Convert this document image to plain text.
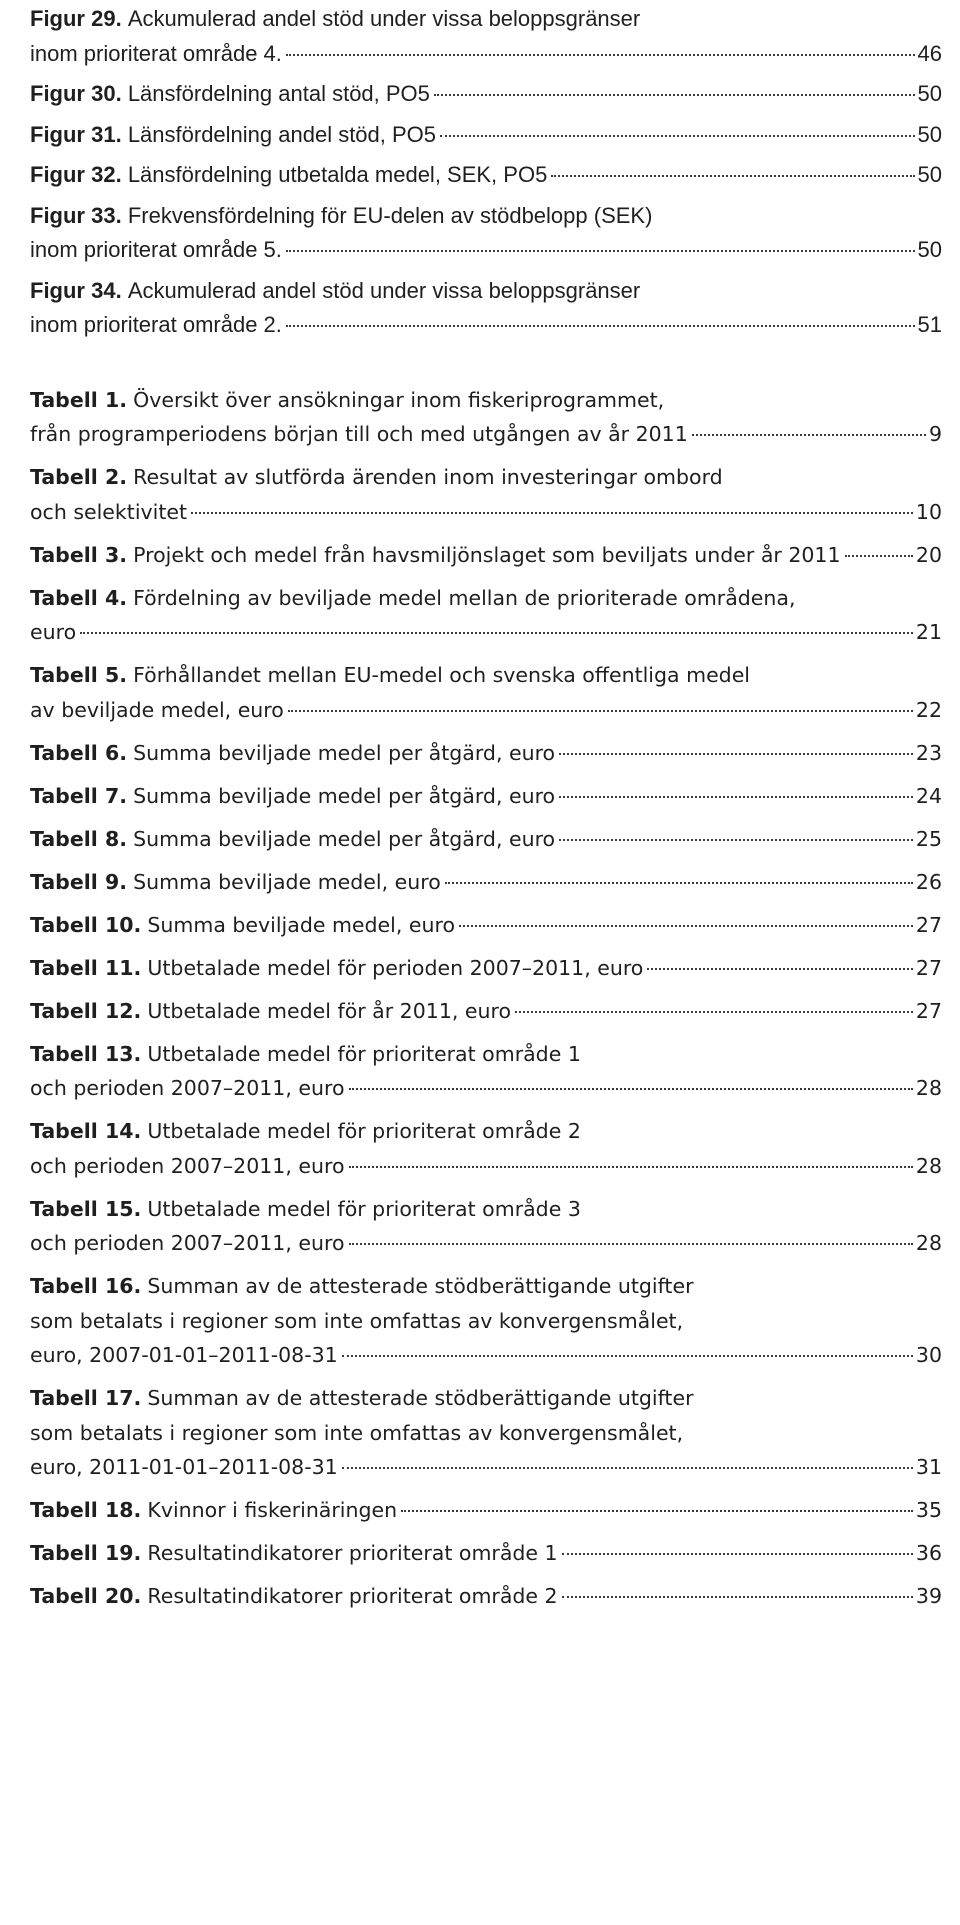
Figur 29. Ackumulerad andel stöd under vissa beloppsgränser
inom prioriterat område 4.	46
Figur 30.
Länsfördelning antal stöd, PO5	50
Figur 31.
Länsfördelning andel stöd, PO5	50
Figur 32.
Länsfördelning utbetalda medel, SEK, PO5	50
Figur 33. Frekvensfördelning för EU-delen av stödbelopp (SEK)
inom prioriterat område 5.	50
Figur 34. Ackumulerad andel stöd under vissa beloppsgränser
inom prioriterat område 2.	51
Tabell 1. Översikt över ansökningar inom fiskeriprogrammet,
från programperiodens början till och med utgången av år 2011	9
Tabell 2. Resultat av slutförda ärenden inom investeringar ombord
och selektivitet	10
Tabell 3.
Projekt och medel från havsmiljönslaget som beviljats under år 2011	20
Tabell 4. Fördelning av beviljade medel mellan de prioriterade områdena,
euro	21
Tabell 5. Förhållandet mellan EU-medel och svenska offentliga medel
av beviljade medel, euro	22
Tabell 6.
Summa beviljade medel per åtgärd, euro	23
Tabell 7.
Summa beviljade medel per åtgärd, euro	24
Tabell 8.
Summa beviljade medel per åtgärd, euro	25
Tabell 9.
Summa beviljade medel, euro	26
Tabell 10.
Summa beviljade medel, euro	27
Tabell 11.
Utbetalade medel för perioden 2007–2011, euro	27
Tabell 12.
Utbetalade medel för år 2011, euro	27
Tabell 13. Utbetalade medel för prioriterat område 1
och perioden 2007–2011, euro	28
Tabell 14. Utbetalade medel för prioriterat område 2
och perioden 2007–2011, euro	28
Tabell 15. Utbetalade medel för prioriterat område 3
och perioden 2007–2011, euro	28
Tabell 16. Summan av de attesterade stödberättigande utgifter
som betalats i regioner som inte omfattas av konvergensmålet,
euro, 2007-01-01–2011-08-31	30
Tabell 17. Summan av de attesterade stödberättigande utgifter
som betalats i regioner som inte omfattas av konvergensmålet,
euro, 2011-01-01–2011-08-31	31
Tabell 18.
Kvinnor i fiskerinäringen	35
Tabell 19.
Resultatindikatorer prioriterat område 1	36
Tabell 20.
Resultatindikatorer prioriterat område 2	39
